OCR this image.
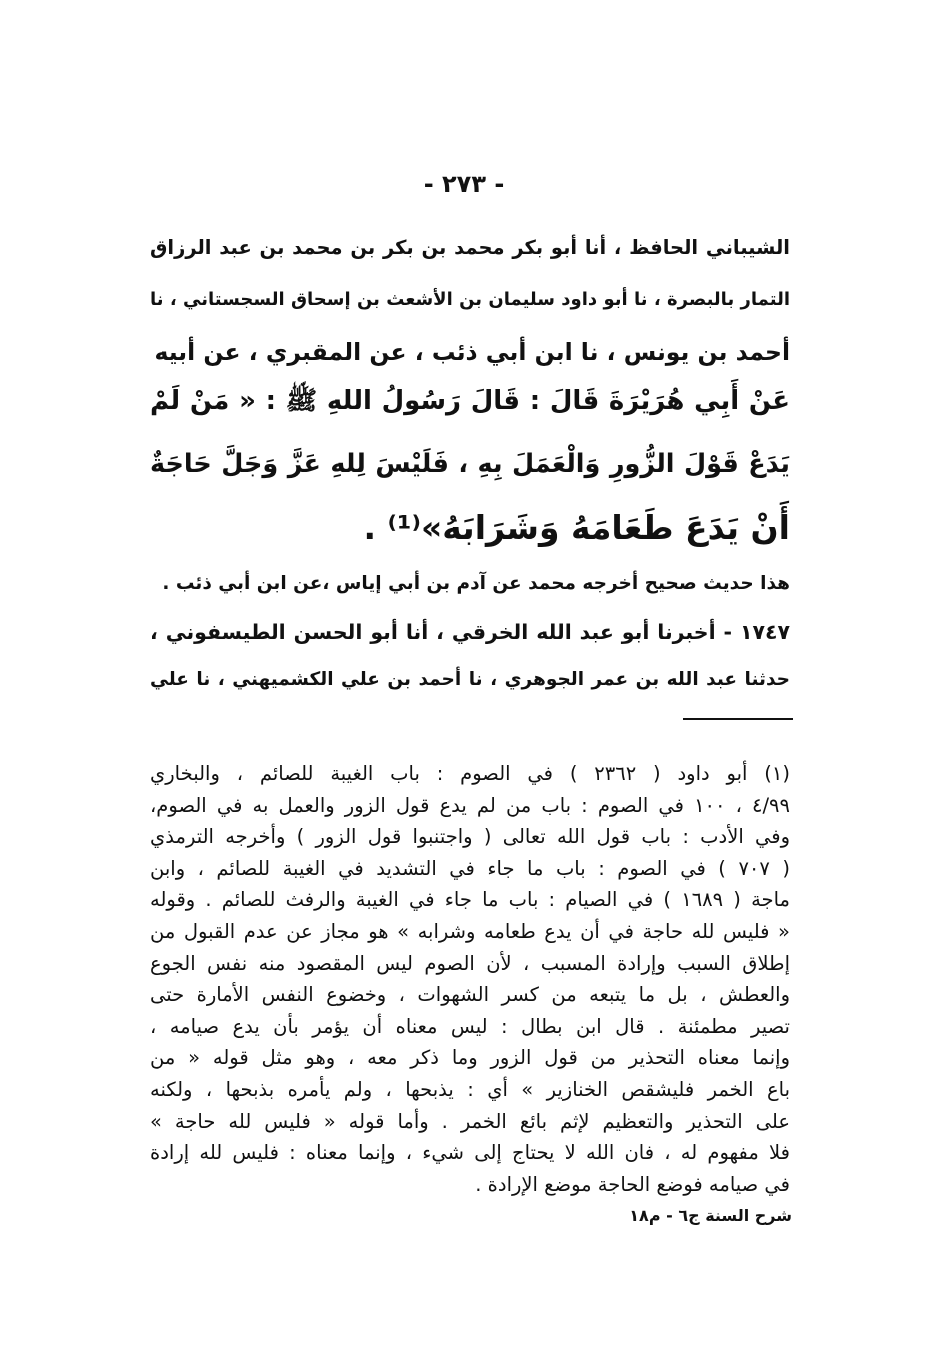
- ٢٧٣ -
الشيباني الحافظ ، أنا أبو بكر محمد بن بكر بن محمد بن عبد الرزاق
التمار بالبصرة ، نا أبو داود سليمان بن الأشعث بن إسحاق السجستاني ، نا
أحمد بن يونس ، نا ابن أبي ذئب ، عن المقبري ، عن أبيه
عَنْ أَبِي هُرَيْرَةَ قَالَ : قَالَ رَسُولُ اللهِ ﷺ : « مَنْ لَمْ
يَدَعْ قَوْلَ الزُّورِ وَالْعَمَلَ بِهِ ، فَلَيْسَ لِلهِ عَزَّ وَجَلَّ حَاجَةٌ
أَنْ يَدَعَ طَعَامَهُ وَشَرَابَهُ»⁽¹⁾ .
هذا حديث صحيح أخرجه محمد عن آدم بن أبي إياس ،عن ابن أبي ذئب .
١٧٤٧ - أخبرنا أبو عبد الله الخرقي ، أنا أبو الحسن الطيسفوني ،
حدثنا عبد الله بن عمر الجوهري ، نا أحمد بن علي الكشميهني ، نا علي
(١) أبو داود ( ٢٣٦٢ ) في الصوم : باب الغيبة للصائم ، والبخاري
٤/٩٩ ، ١٠٠ في الصوم : باب من لم يدع قول الزور والعمل به في الصوم،
وفي الأدب : باب قول الله تعالى ( واجتنبوا قول الزور ) وأخرجه الترمذي
( ٧٠٧ ) في الصوم : باب ما جاء في التشديد في الغيبة للصائم ، وابن
ماجة ( ١٦٨٩ ) في الصيام : باب ما جاء في الغيبة والرفث للصائم . وقوله
« فليس لله حاجة في أن يدع طعامه وشرابه » هو مجاز عن عدم القبول من
إطلاق السبب وإرادة المسبب ، لأن الصوم ليس المقصود منه نفس الجوع
والعطش ، بل ما يتبعه من كسر الشهوات ، وخضوع النفس الأمارة حتى
تصير مطمئنة . قال ابن بطال : ليس معناه أن يؤمر بأن يدع صيامه ،
وإنما معناه التحذير من قول الزور وما ذكر معه ، وهو مثل قوله « من
باع الخمر فليشقص الخنازير » أي : يذبحها ، ولم يأمره بذبحها ، ولكنه
على التحذير والتعظيم لإثم بائع الخمر . وأما قوله « فليس لله حاجة »
فلا مفهوم له ، فان الله لا يحتاج إلى شيء ، وإنما معناه : فليس لله إرادة
في صيامه فوضع الحاجة موضع الإرادة .
شرح السنة ج٦ - م١٨
